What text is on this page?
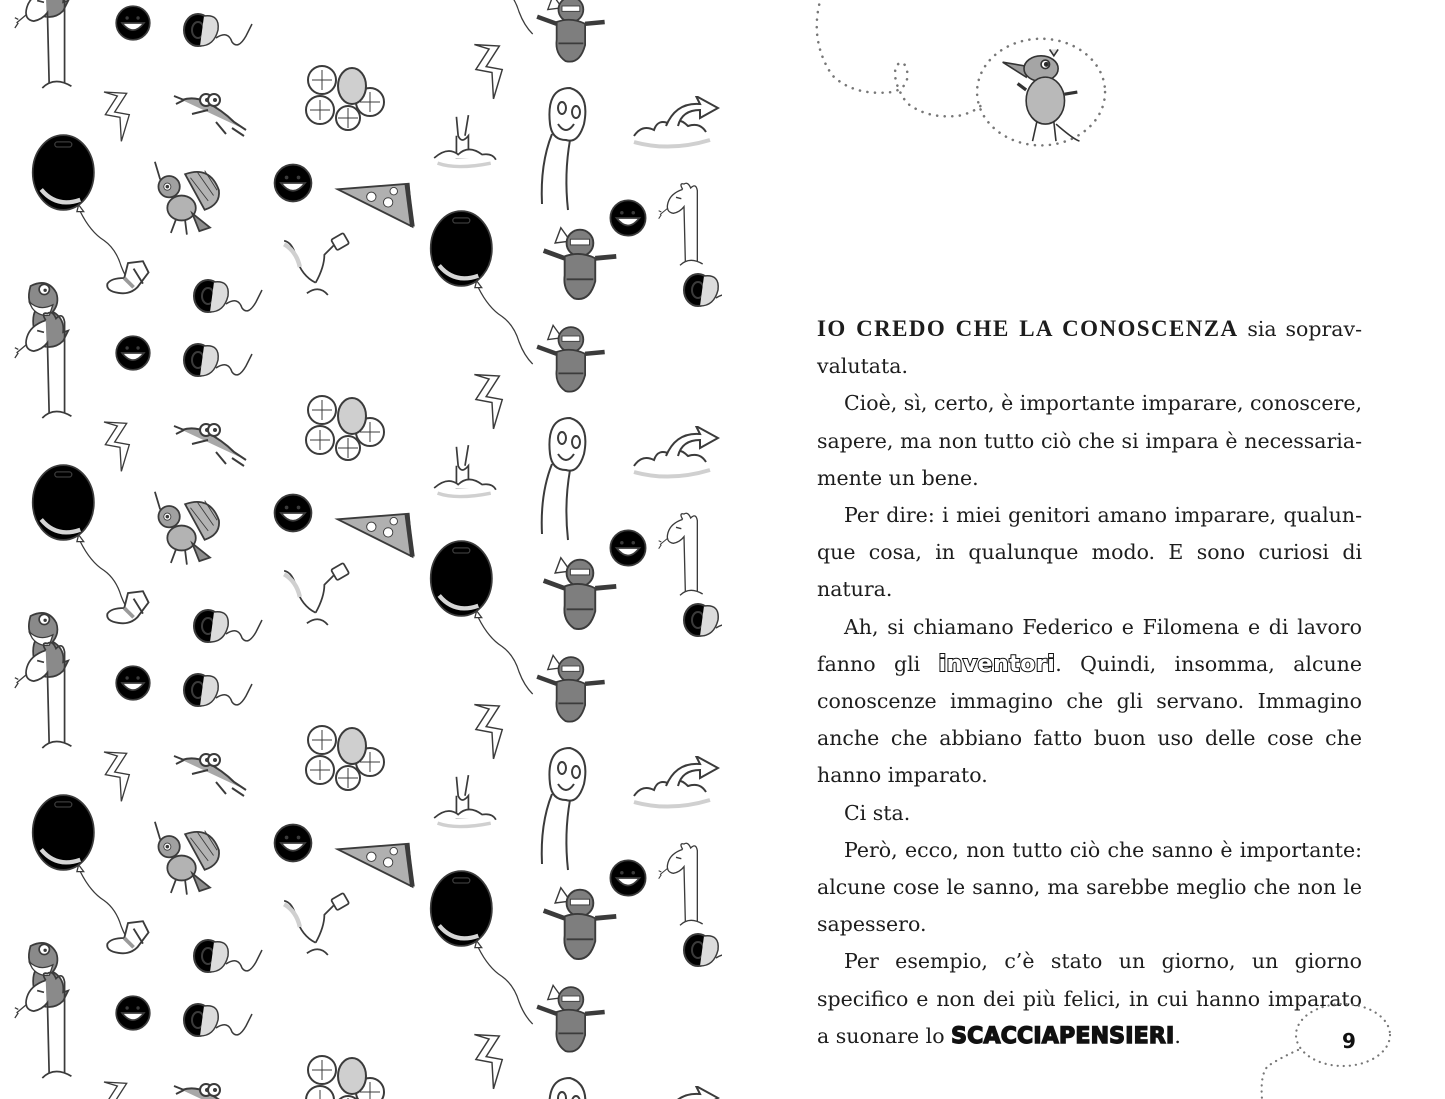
IO CREDO CHE LA CONOSCENZA sia sopravvalutata.

Cioè, sì, certo, è importante imparare, conoscere, sapere, ma non tutto ciò che si impara è necessariamente un bene.

Per dire: i miei genitori amano imparare, qualunque cosa, in qualunque modo. E sono curiosi di natura.

Ah, si chiamano Federico e Filomena e di lavoro fanno gli inventori. Quindi, insomma, alcune conoscenze immagino che gli servano. Immagino anche che abbiano fatto buon uso delle cose che hanno imparato.

Ci sta.

Però, ecco, non tutto ciò che sanno è importante: alcune cose le sanno, ma sarebbe meglio che non le sapessero.

Per esempio, c’è stato un giorno, un giorno specifico e non dei più felici, in cui hanno imparato a suonare lo SCACCIAPENSIERI.	9
